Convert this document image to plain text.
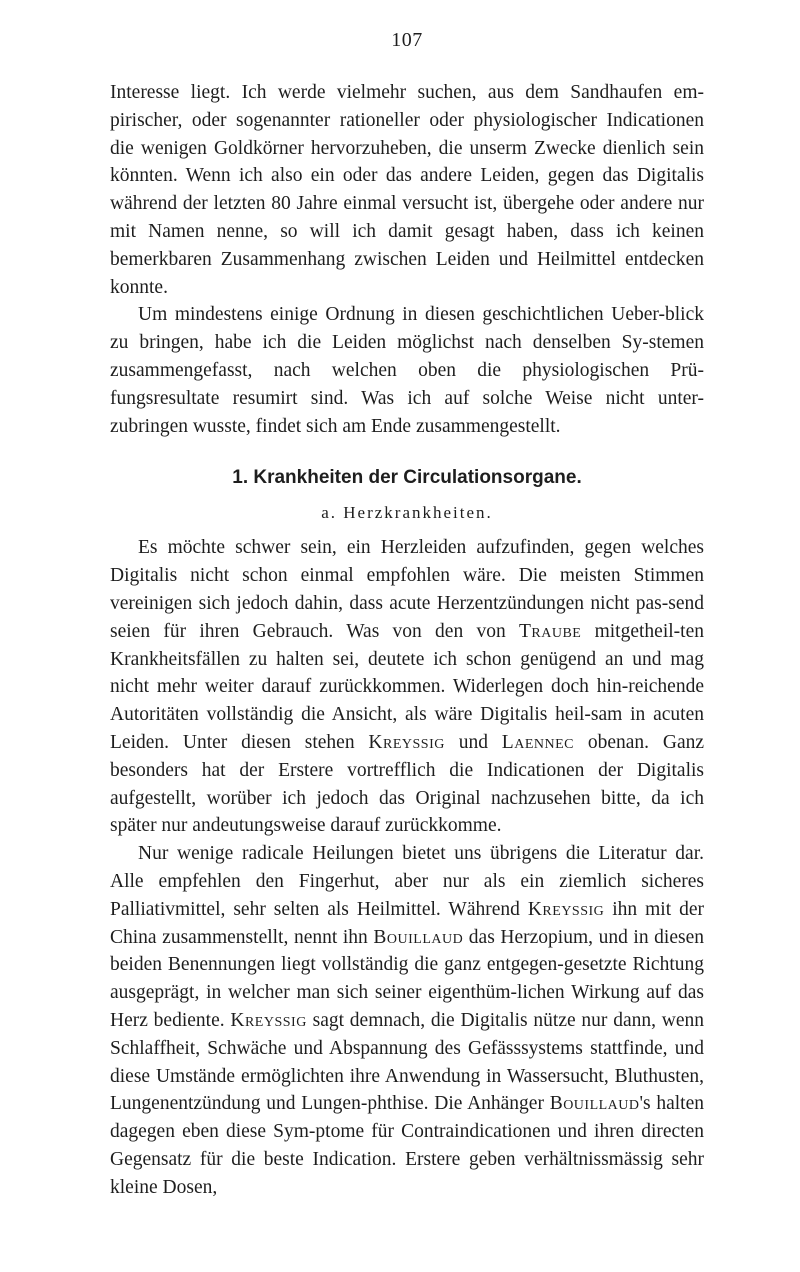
107

Interesse liegt. Ich werde vielmehr suchen, aus dem Sandhaufen em-pirischer, oder sogenannter rationeller oder physiologischer Indicationen die wenigen Goldkörner hervorzuheben, die unserm Zwecke dienlich sein könnten. Wenn ich also ein oder das andere Leiden, gegen das Digitalis während der letzten 80 Jahre einmal versucht ist, übergehe oder andere nur mit Namen nenne, so will ich damit gesagt haben, dass ich keinen bemerkbaren Zusammenhang zwischen Leiden und Heilmittel entdecken konnte.

Um mindestens einige Ordnung in diesen geschichtlichen Ueber-blick zu bringen, habe ich die Leiden möglichst nach denselben Sy-stemen zusammengefasst, nach welchen oben die physiologischen Prü-fungsresultate resumirt sind. Was ich auf solche Weise nicht unter-zubringen wusste, findet sich am Ende zusammengestellt.

1. Krankheiten der Circulationsorgane.
a. Herzkrankheiten.

Es möchte schwer sein, ein Herzleiden aufzufinden, gegen welches Digitalis nicht schon einmal empfohlen wäre. Die meisten Stimmen vereinigen sich jedoch dahin, dass acute Herzentzündungen nicht pas-send seien für ihren Gebrauch. Was von den von Traube mitgetheil-ten Krankheitsfällen zu halten sei, deutete ich schon genügend an und mag nicht mehr weiter darauf zurückkommen. Widerlegen doch hin-reichende Autoritäten vollständig die Ansicht, als wäre Digitalis heil-sam in acuten Leiden. Unter diesen stehen Kreyssig und Laennec obenan. Ganz besonders hat der Erstere vortrefflich die Indicationen der Digitalis aufgestellt, worüber ich jedoch das Original nachzusehen bitte, da ich später nur andeutungsweise darauf zurückkomme.

Nur wenige radicale Heilungen bietet uns übrigens die Literatur dar. Alle empfehlen den Fingerhut, aber nur als ein ziemlich sicheres Palliativmittel, sehr selten als Heilmittel. Während Kreyssig ihn mit der China zusammenstellt, nennt ihn Bouillaud das Herzopium, und in diesen beiden Benennungen liegt vollständig die ganz entgegen-gesetzte Richtung ausgeprägt, in welcher man sich seiner eigenthüm-lichen Wirkung auf das Herz bediente. Kreyssig sagt demnach, die Digitalis nütze nur dann, wenn Schlaffheit, Schwäche und Abspannung des Gefässsystems stattfinde, und diese Umstände ermöglichten ihre Anwendung in Wassersucht, Bluthusten, Lungenentzündung und Lungen-phthise. Die Anhänger Bouillaud's halten dagegen eben diese Sym-ptome für Contraindicationen und ihren directen Gegensatz für die beste Indication. Erstere geben verhältnissmässig sehr kleine Dosen,
